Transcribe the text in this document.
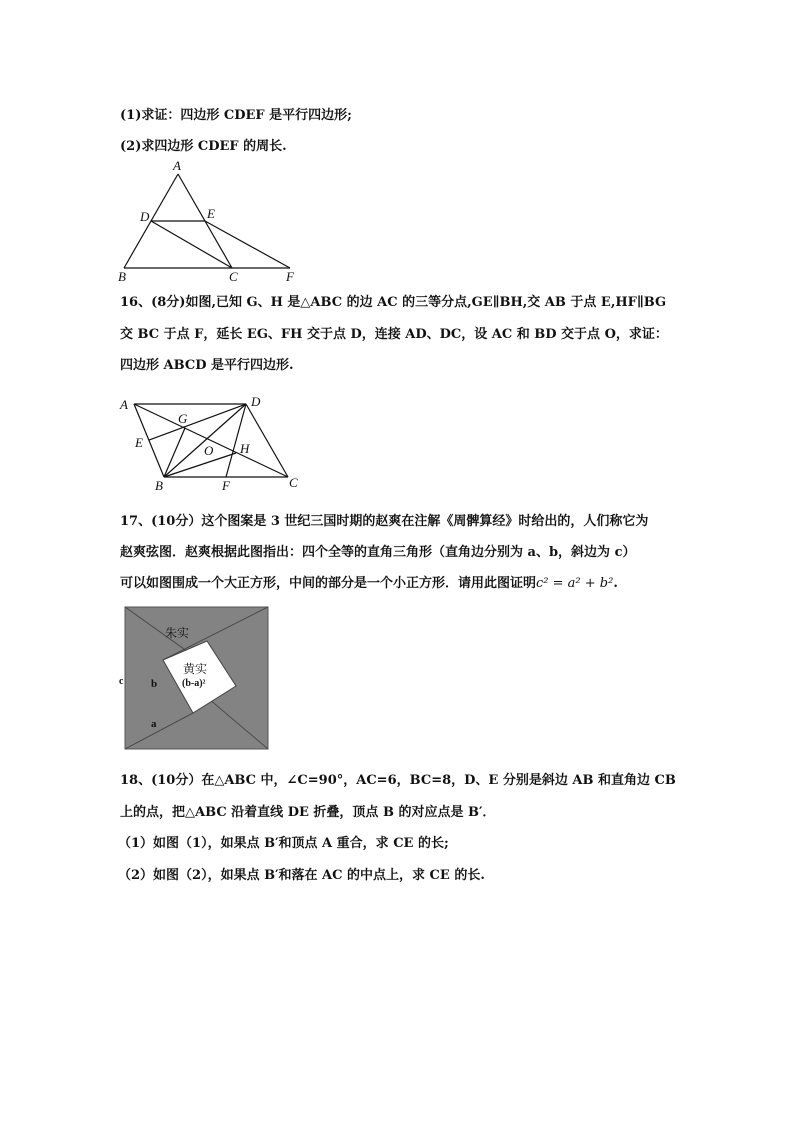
(1)求证：四边形 CDEF 是平行四边形;
(2)求四边形 CDEF 的周长.
A
D	E
B	C	F
16、(8分)如图,已知 G、H 是△ABC 的边 AC 的三等分点,GE∥BH,交 AB 于点 E,HF∥BG
交 BC 于点 F，延长 EG、FH 交于点 D，连接 AD、DC，设 AC 和 BD 交于点 O，求证：
四边形 ABCD 是平行四边形.
A	D
G
E
O H
B	F	C
17、(10分）这个图案是 3 世纪三国时期的赵爽在注解《周髀算经》时给出的，人们称它为
赵爽弦图．赵爽根据此图指出：四个全等的直角三角形（直角边分别为 a、b，斜边为 c）
可以如图围成一个大正方形，中间的部分是一个小正方形．请用此图证明c² = a² + b².
朱实
黄实
(b-a)²
c	b
a
18、(10分）在△ABC 中，∠C=90°，AC=6，BC=8，D、E 分别是斜边 AB 和直角边 CB
上的点，把△ABC 沿着直线 DE 折叠，顶点 B 的对应点是 B′．
（1）如图（1），如果点 B′和顶点 A 重合，求 CE 的长;
（2）如图（2），如果点 B′和落在 AC 的中点上，求 CE 的长.
